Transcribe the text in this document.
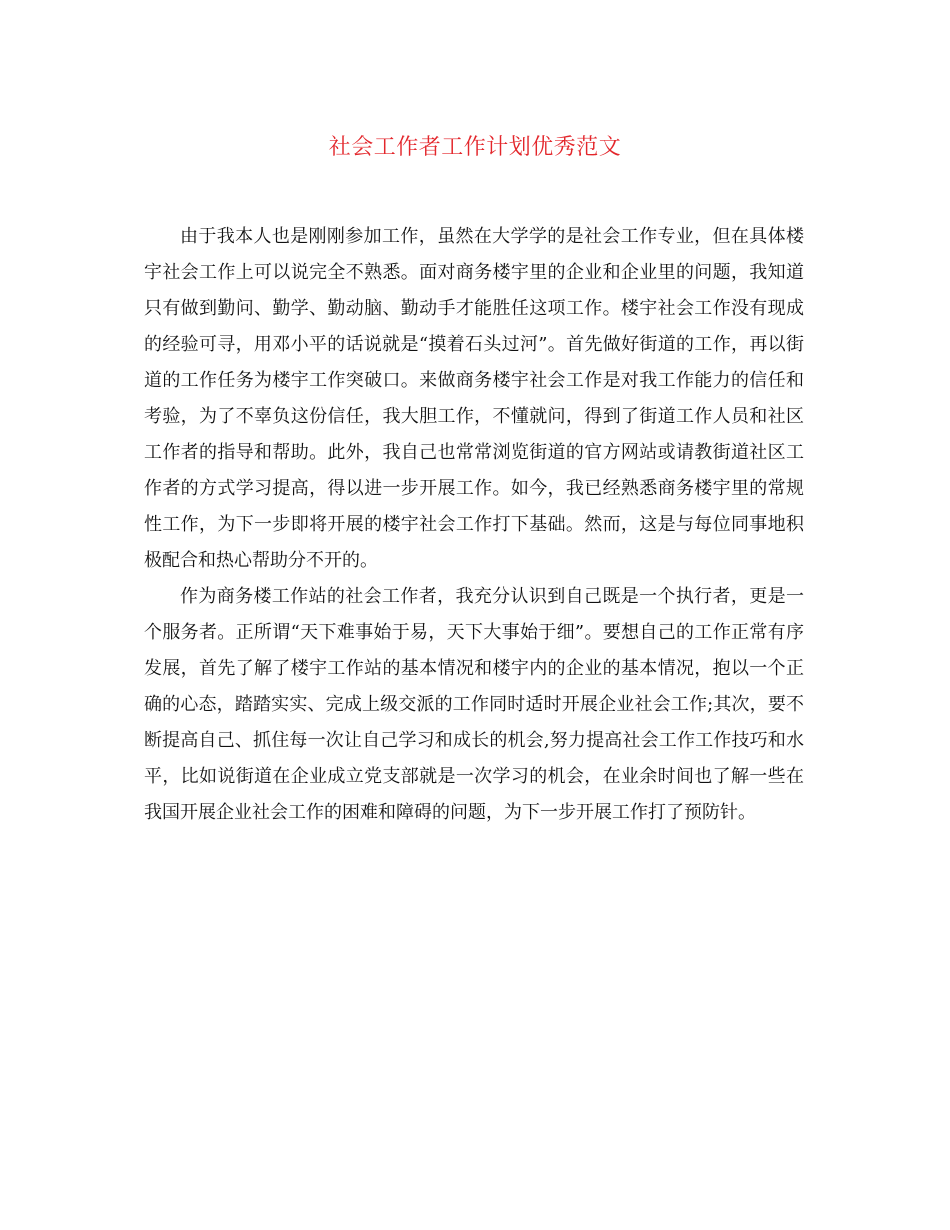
社会工作者工作计划优秀范文

由于我本人也是刚刚参加工作，虽然在大学学的是社会工作专业，但在具体楼宇社会工作上可以说完全不熟悉。面对商务楼宇里的企业和企业里的问题，我知道只有做到勤问、勤学、勤动脑、勤动手才能胜任这项工作。楼宇社会工作没有现成的经验可寻，用邓小平的话说就是“摸着石头过河”。首先做好街道的工作，再以街道的工作任务为楼宇工作突破口。来做商务楼宇社会工作是对我工作能力的信任和考验，为了不辜负这份信任，我大胆工作，不懂就问，得到了街道工作人员和社区工作者的指导和帮助。此外，我自己也常常浏览街道的官方网站或请教街道社区工作者的方式学习提高，得以进一步开展工作。如今，我已经熟悉商务楼宇里的常规性工作，为下一步即将开展的楼宇社会工作打下基础。然而，这是与每位同事地积极配合和热心帮助分不开的。

作为商务楼工作站的社会工作者，我充分认识到自己既是一个执行者，更是一个服务者。正所谓“天下难事始于易，天下大事始于细”。要想自己的工作正常有序发展，首先了解了楼宇工作站的基本情况和楼宇内的企业的基本情况，抱以一个正确的心态，踏踏实实、完成上级交派的工作同时适时开展企业社会工作;其次，要不断提高自己、抓住每一次让自己学习和成长的机会,努力提高社会工作工作技巧和水平，比如说街道在企业成立党支部就是一次学习的机会，在业余时间也了解一些在我国开展企业社会工作的困难和障碍的问题，为下一步开展工作打了预防针。
